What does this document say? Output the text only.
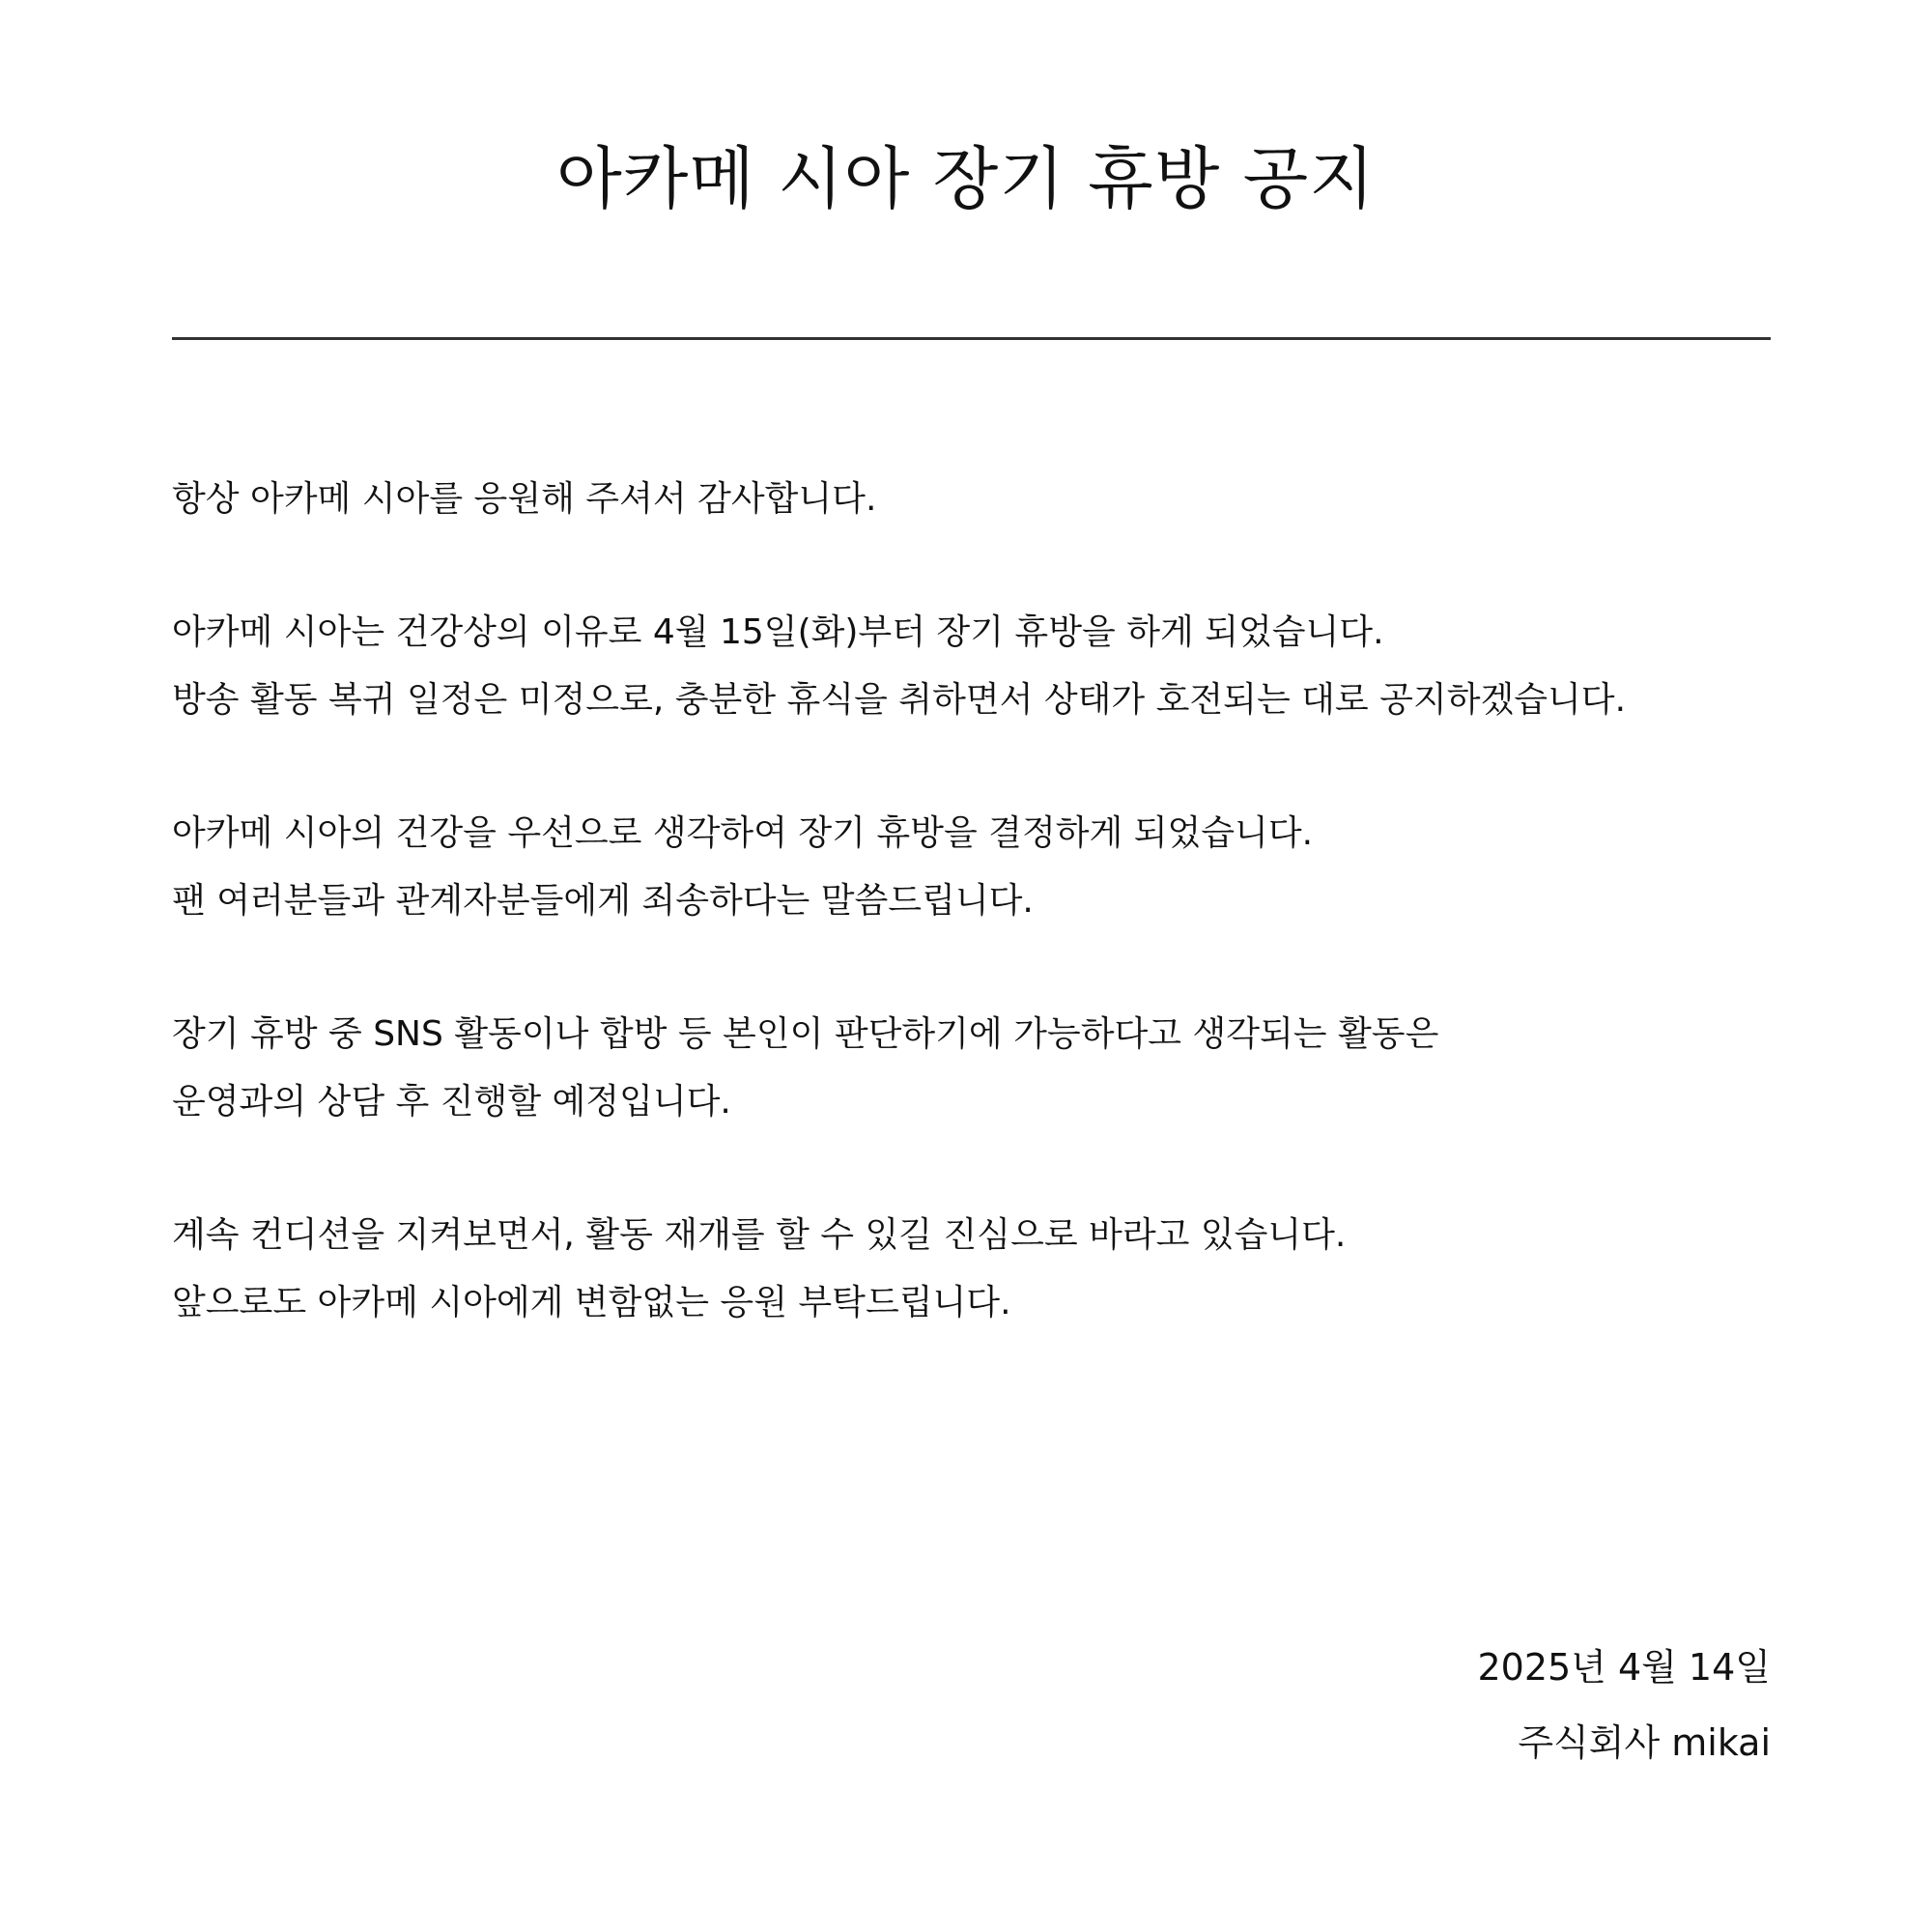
아카메 시아 장기 휴방 공지

항상 아카메 시아를 응원해 주셔서 감사합니다.

아카메 시아는 건강상의 이유로 4월 15일(화)부터 장기 휴방을 하게 되었습니다.
방송 활동 복귀 일정은 미정으로, 충분한 휴식을 취하면서 상태가 호전되는 대로 공지하겠습니다.

아카메 시아의 건강을 우선으로 생각하여 장기 휴방을 결정하게 되었습니다.
팬 여러분들과 관계자분들에게 죄송하다는 말씀드립니다.

장기 휴방 중 SNS 활동이나 합방 등 본인이 판단하기에 가능하다고 생각되는 활동은
운영과의 상담 후 진행할 예정입니다.

계속 컨디션을 지켜보면서, 활동 재개를 할 수 있길 진심으로 바라고 있습니다.
앞으로도 아카메 시아에게 변함없는 응원 부탁드립니다.

2025년 4월 14일
주식회사 mikai
